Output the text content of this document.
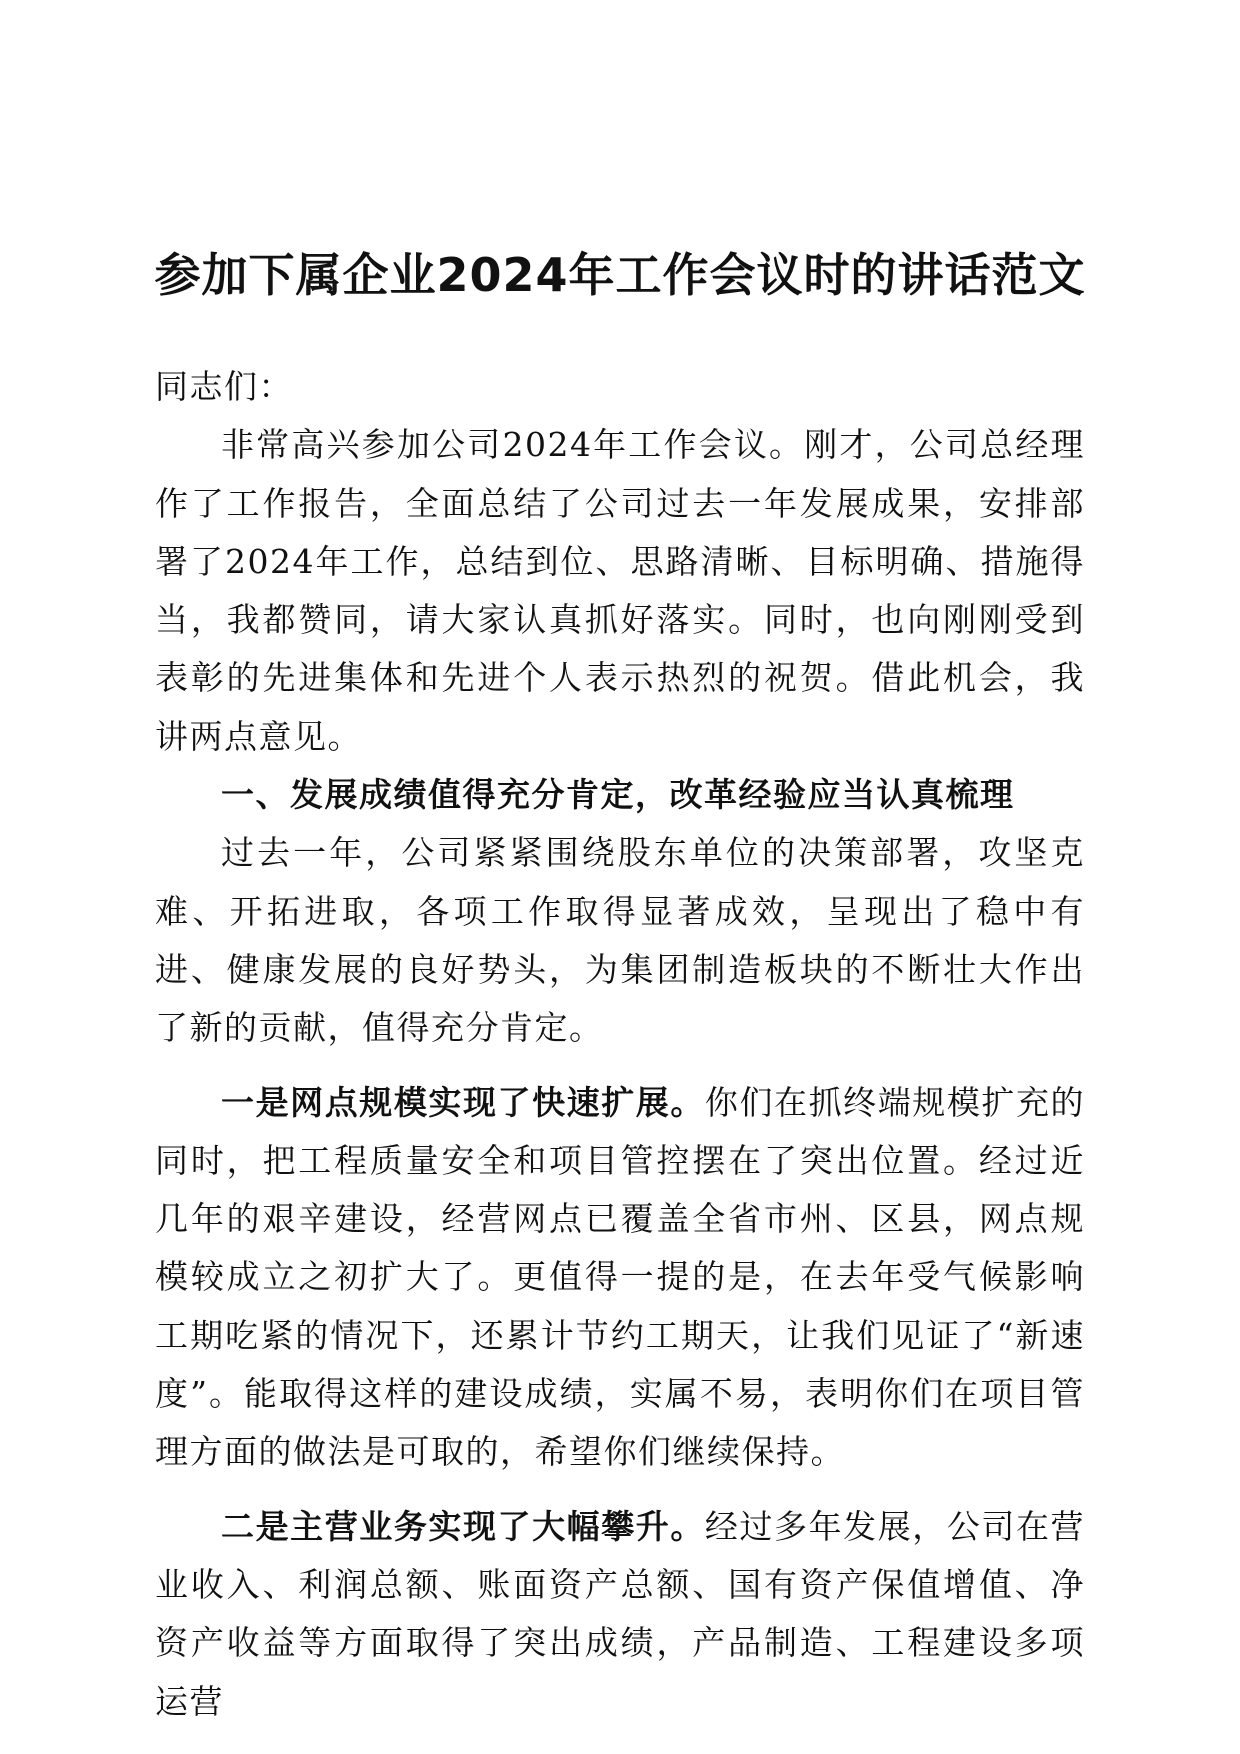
参加下属企业2024年工作会议时的讲话范文

同志们：

非常高兴参加公司2024年工作会议。刚才，公司总经理作了工作报告，全面总结了公司过去一年发展成果，安排部署了2024年工作，总结到位、思路清晰、目标明确、措施得当，我都赞同，请大家认真抓好落实。同时，也向刚刚受到表彰的先进集体和先进个人表示热烈的祝贺。借此机会，我讲两点意见。

一、发展成绩值得充分肯定，改革经验应当认真梳理

过去一年，公司紧紧围绕股东单位的决策部署，攻坚克难、开拓进取，各项工作取得显著成效，呈现出了稳中有进、健康发展的良好势头，为集团制造板块的不断壮大作出了新的贡献，值得充分肯定。

一是网点规模实现了快速扩展。你们在抓终端规模扩充的同时，把工程质量安全和项目管控摆在了突出位置。经过近几年的艰辛建设，经营网点已覆盖全省市州、区县，网点规模较成立之初扩大了。更值得一提的是，在去年受气候影响工期吃紧的情况下，还累计节约工期天，让我们见证了“新速度”。能取得这样的建设成绩，实属不易，表明你们在项目管理方面的做法是可取的，希望你们继续保持。

二是主营业务实现了大幅攀升。经过多年发展，公司在营业收入、利润总额、账面资产总额、国有资产保值增值、净资产收益等方面取得了突出成绩，产品制造、工程建设多项运营
